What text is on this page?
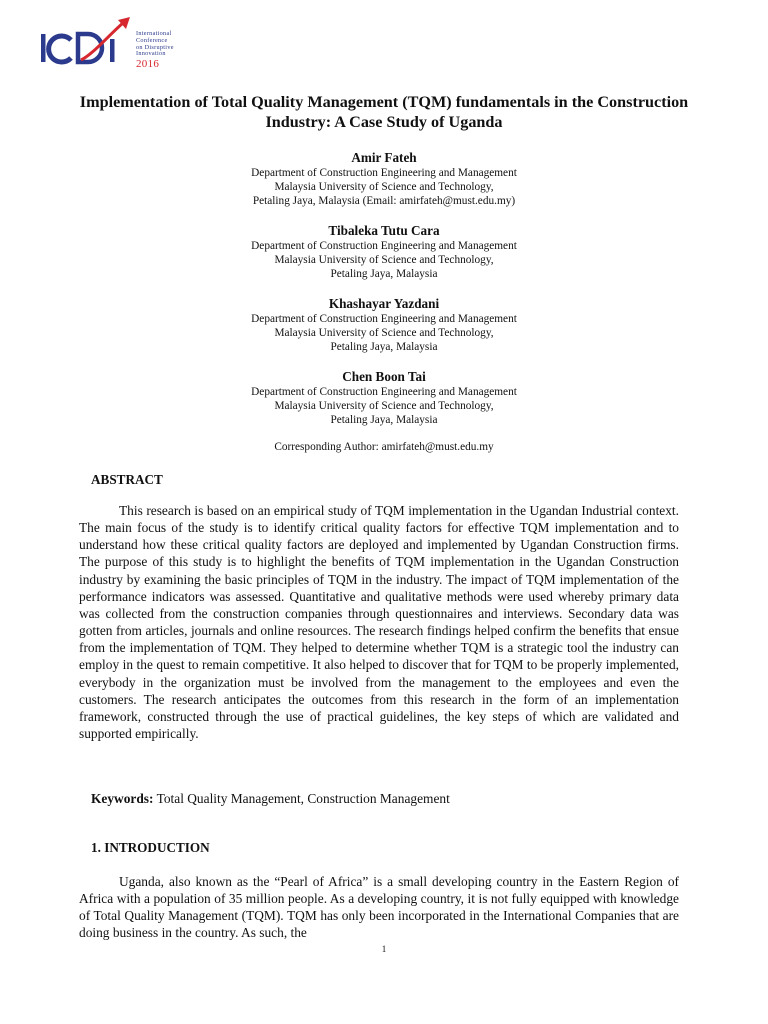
International
Conference
on Disruptive
Innovation
2016
Implementation of Total Quality Management (TQM) fundamentals in the Construction Industry: A Case Study of Uganda
Amir Fateh
Department of Construction Engineering and Management
Malaysia University of Science and Technology,
Petaling Jaya, Malaysia (Email: amirfateh@must.edu.my)
Tibaleka Tutu Cara
Department of Construction Engineering and Management
Malaysia University of Science and Technology,
Petaling Jaya, Malaysia
Khashayar Yazdani
Department of Construction Engineering and Management
Malaysia University of Science and Technology,
Petaling Jaya, Malaysia
Chen Boon Tai
Department of Construction Engineering and Management
Malaysia University of Science and Technology,
Petaling Jaya, Malaysia
Corresponding Author: amirfateh@must.edu.my
ABSTRACT

This research is based on an empirical study of TQM implementation in the Ugandan Industrial context. The main focus of the study is to identify critical quality factors for effective TQM implementation and to understand how these critical quality factors are deployed and implemented by Ugandan Construction firms. The purpose of this study is to highlight the benefits of TQM implementation in the Ugandan Construction industry by examining the basic principles of TQM in the industry. The impact of TQM implementation of the performance indicators was assessed. Quantitative and qualitative methods were used whereby primary data was collected from the construction companies through questionnaires and interviews. Secondary data was gotten from articles, journals and online resources. The research findings helped confirm the benefits that ensue from the implementation of TQM. They helped to determine whether TQM is a strategic tool the industry can employ in the quest to remain competitive. It also helped to discover that for TQM to be properly implemented, everybody in the organization must be involved from the management to the employees and even the customers. The research anticipates the outcomes from this research in the form of an implementation framework, constructed through the use of practical guidelines, the key steps of which are validated and supported empirically.

Keywords: Total Quality Management, Construction Management
1. INTRODUCTION

Uganda, also known as the “Pearl of Africa” is a small developing country in the Eastern Region of Africa with a population of 35 million people. As a developing country, it is not fully equipped with knowledge of Total Quality Management (TQM). TQM has only been incorporated in the International Companies that are doing business in the country. As such, the

1
